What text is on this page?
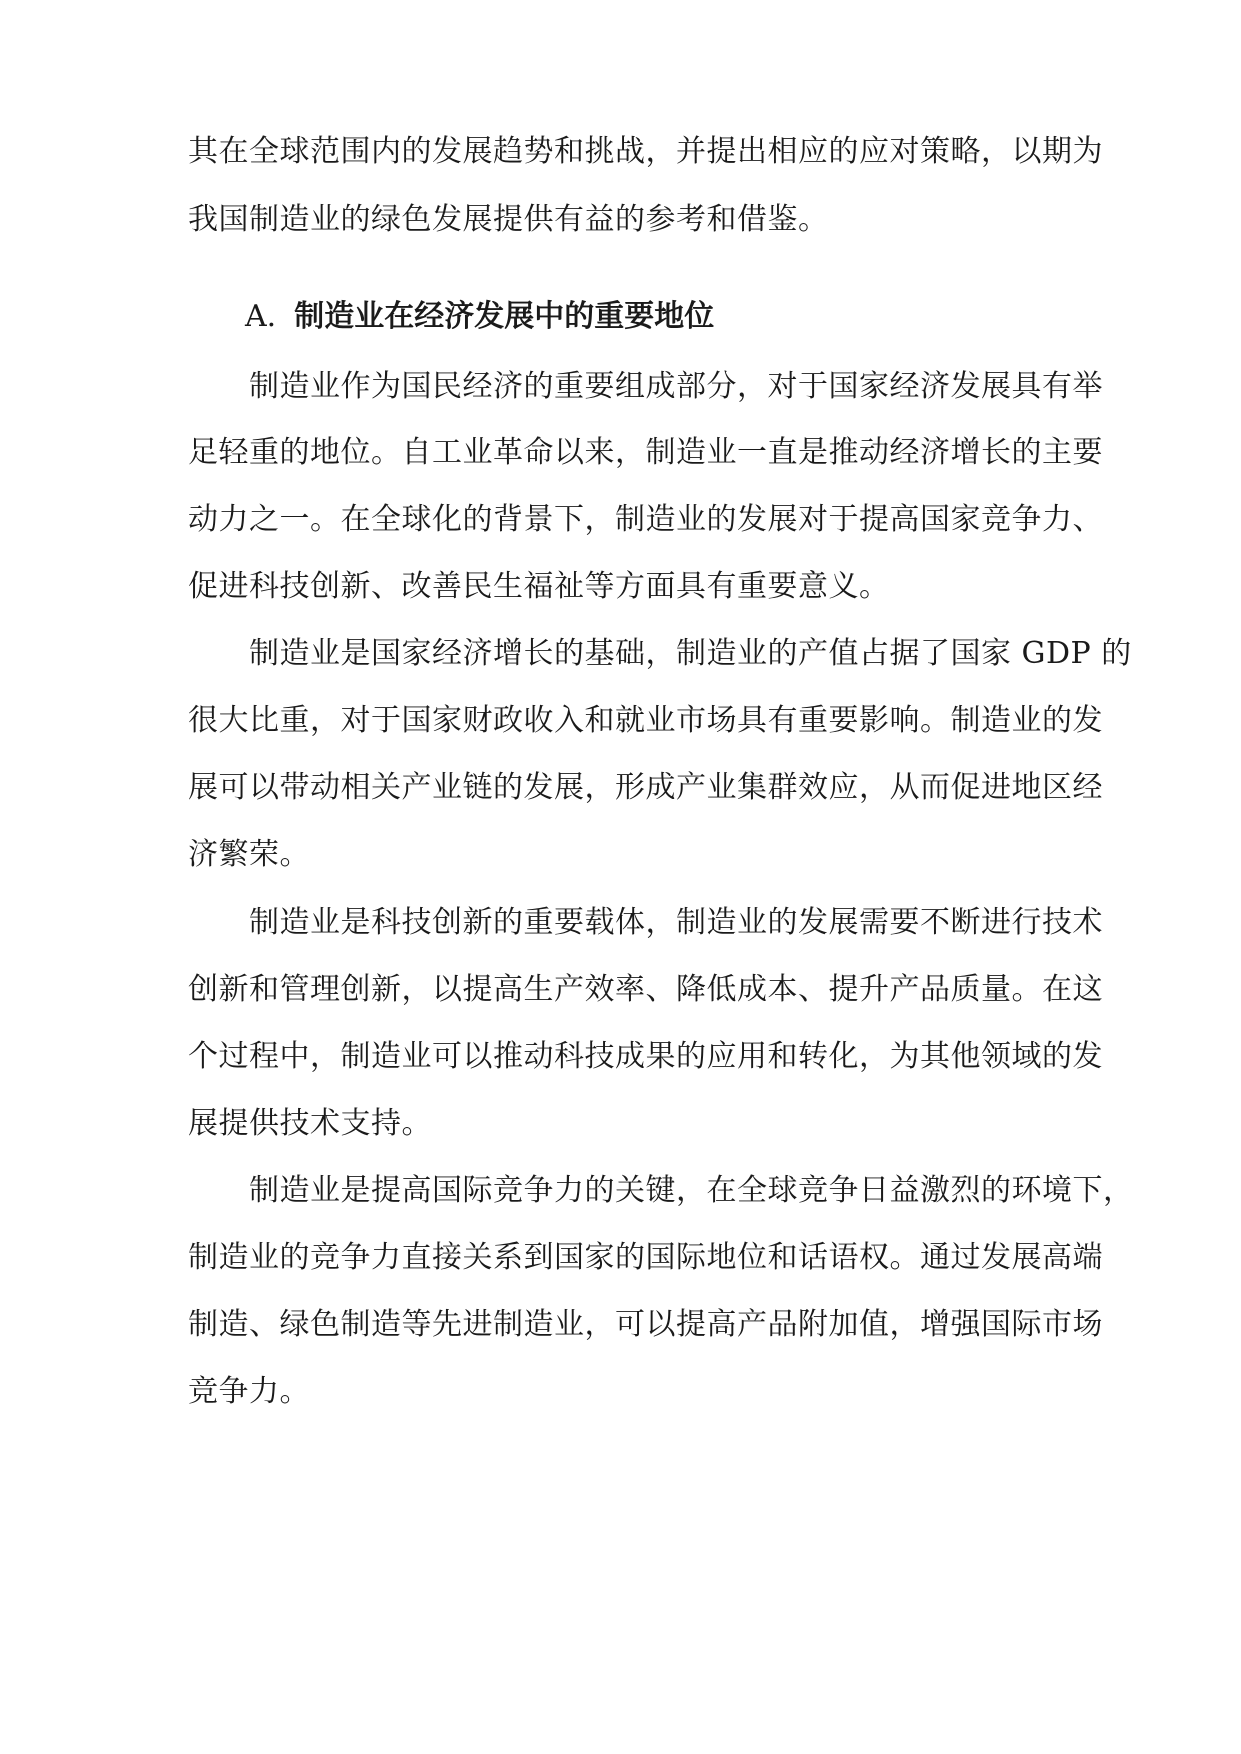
其在全球范围内的发展趋势和挑战，并提出相应的应对策略，以期为
我国制造业的绿色发展提供有益的参考和借鉴。
A. 制造业在经济发展中的重要地位
　　制造业作为国民经济的重要组成部分，对于国家经济发展具有举
足轻重的地位。自工业革命以来，制造业一直是推动经济增长的主要
动力之一。在全球化的背景下，制造业的发展对于提高国家竞争力、
促进科技创新、改善民生福祉等方面具有重要意义。
　　制造业是国家经济增长的基础，制造业的产值占据了国家 GDP 的
很大比重，对于国家财政收入和就业市场具有重要影响。制造业的发
展可以带动相关产业链的发展，形成产业集群效应，从而促进地区经
济繁荣。
　　制造业是科技创新的重要载体，制造业的发展需要不断进行技术
创新和管理创新，以提高生产效率、降低成本、提升产品质量。在这
个过程中，制造业可以推动科技成果的应用和转化，为其他领域的发
展提供技术支持。
　　制造业是提高国际竞争力的关键，在全球竞争日益激烈的环境下，
制造业的竞争力直接关系到国家的国际地位和话语权。通过发展高端
制造、绿色制造等先进制造业，可以提高产品附加值，增强国际市场
竞争力。
